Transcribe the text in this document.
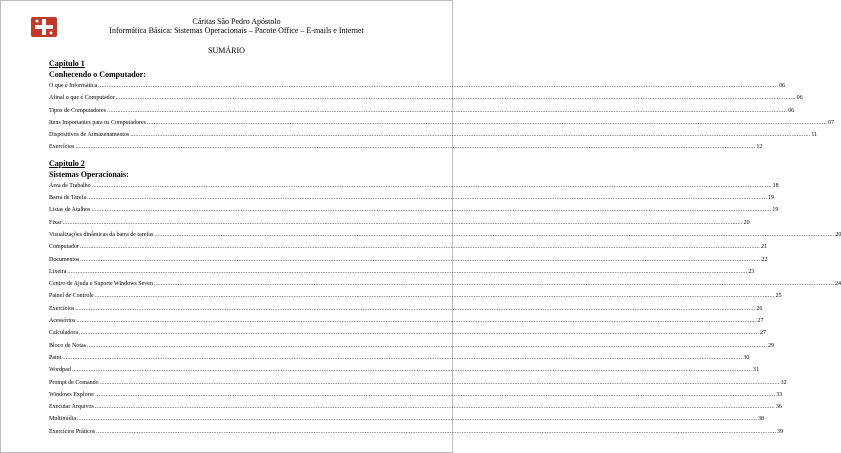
Cáritas São Pedro Apóstolo
Informática Básica: Sistemas Operacionais – Pacote Office – E-mails e Internet
SUMÁRIO
Capítulo 1
Conhecendo o Computador:
O que é Informática ................................................................................................................................................................................................................................................................................................................................................................................................................ 06
Afinal o que é Computador ................................................................................................................................................................................................................................................................................................................................................................................................................ 06
Tipos de Computadores ................................................................................................................................................................................................................................................................................................................................................................................................................ 06
Itens Importantes para os Computadores ................................................................................................................................................................................................................................................................................................................................................................................................................ 07
Dispositivos de Armazenamentos ................................................................................................................................................................................................................................................................................................................................................................................................................ 11
Exercícios ................................................................................................................................................................................................................................................................................................................................................................................................................ 12
Capítulo 2
Sistemas Operacionais:
Área de Trabalho ................................................................................................................................................................................................................................................................................................................................................................................................................ 18
Barra de Tarefa ................................................................................................................................................................................................................................................................................................................................................................................................................ 19
Listas de Atalhos ................................................................................................................................................................................................................................................................................................................................................................................................................ 19
Fixar ................................................................................................................................................................................................................................................................................................................................................................................................................ 20
Visualizações dinâmicas da barra de tarefas ................................................................................................................................................................................................................................................................................................................................................................................................................ 20
Computador ................................................................................................................................................................................................................................................................................................................................................................................................................ 21
Documentos ................................................................................................................................................................................................................................................................................................................................................................................................................ 22
Lixeira ................................................................................................................................................................................................................................................................................................................................................................................................................ 23
Centro de Ajuda e Suporte Windows Seven ................................................................................................................................................................................................................................................................................................................................................................................................................ 24
Painel de Controle ................................................................................................................................................................................................................................................................................................................................................................................................................ 25
Exercícios ................................................................................................................................................................................................................................................................................................................................................................................................................ 26
Acessórios ................................................................................................................................................................................................................................................................................................................................................................................................................ 27
Calculadora ................................................................................................................................................................................................................................................................................................................................................................................................................ 27
Bloco de Notas ................................................................................................................................................................................................................................................................................................................................................................................................................ 29
Paint ................................................................................................................................................................................................................................................................................................................................................................................................................ 30
Wordpad ................................................................................................................................................................................................................................................................................................................................................................................................................ 31
Prompt de Comando ................................................................................................................................................................................................................................................................................................................................................................................................................ 32
Windows Explorer ................................................................................................................................................................................................................................................................................................................................................................................................................ 33
Executar Arquivos ................................................................................................................................................................................................................................................................................................................................................................................................................ 36
Multimídia ................................................................................................................................................................................................................................................................................................................................................................................................................ 38
Exercícios Práticos ................................................................................................................................................................................................................................................................................................................................................................................................................ 39
